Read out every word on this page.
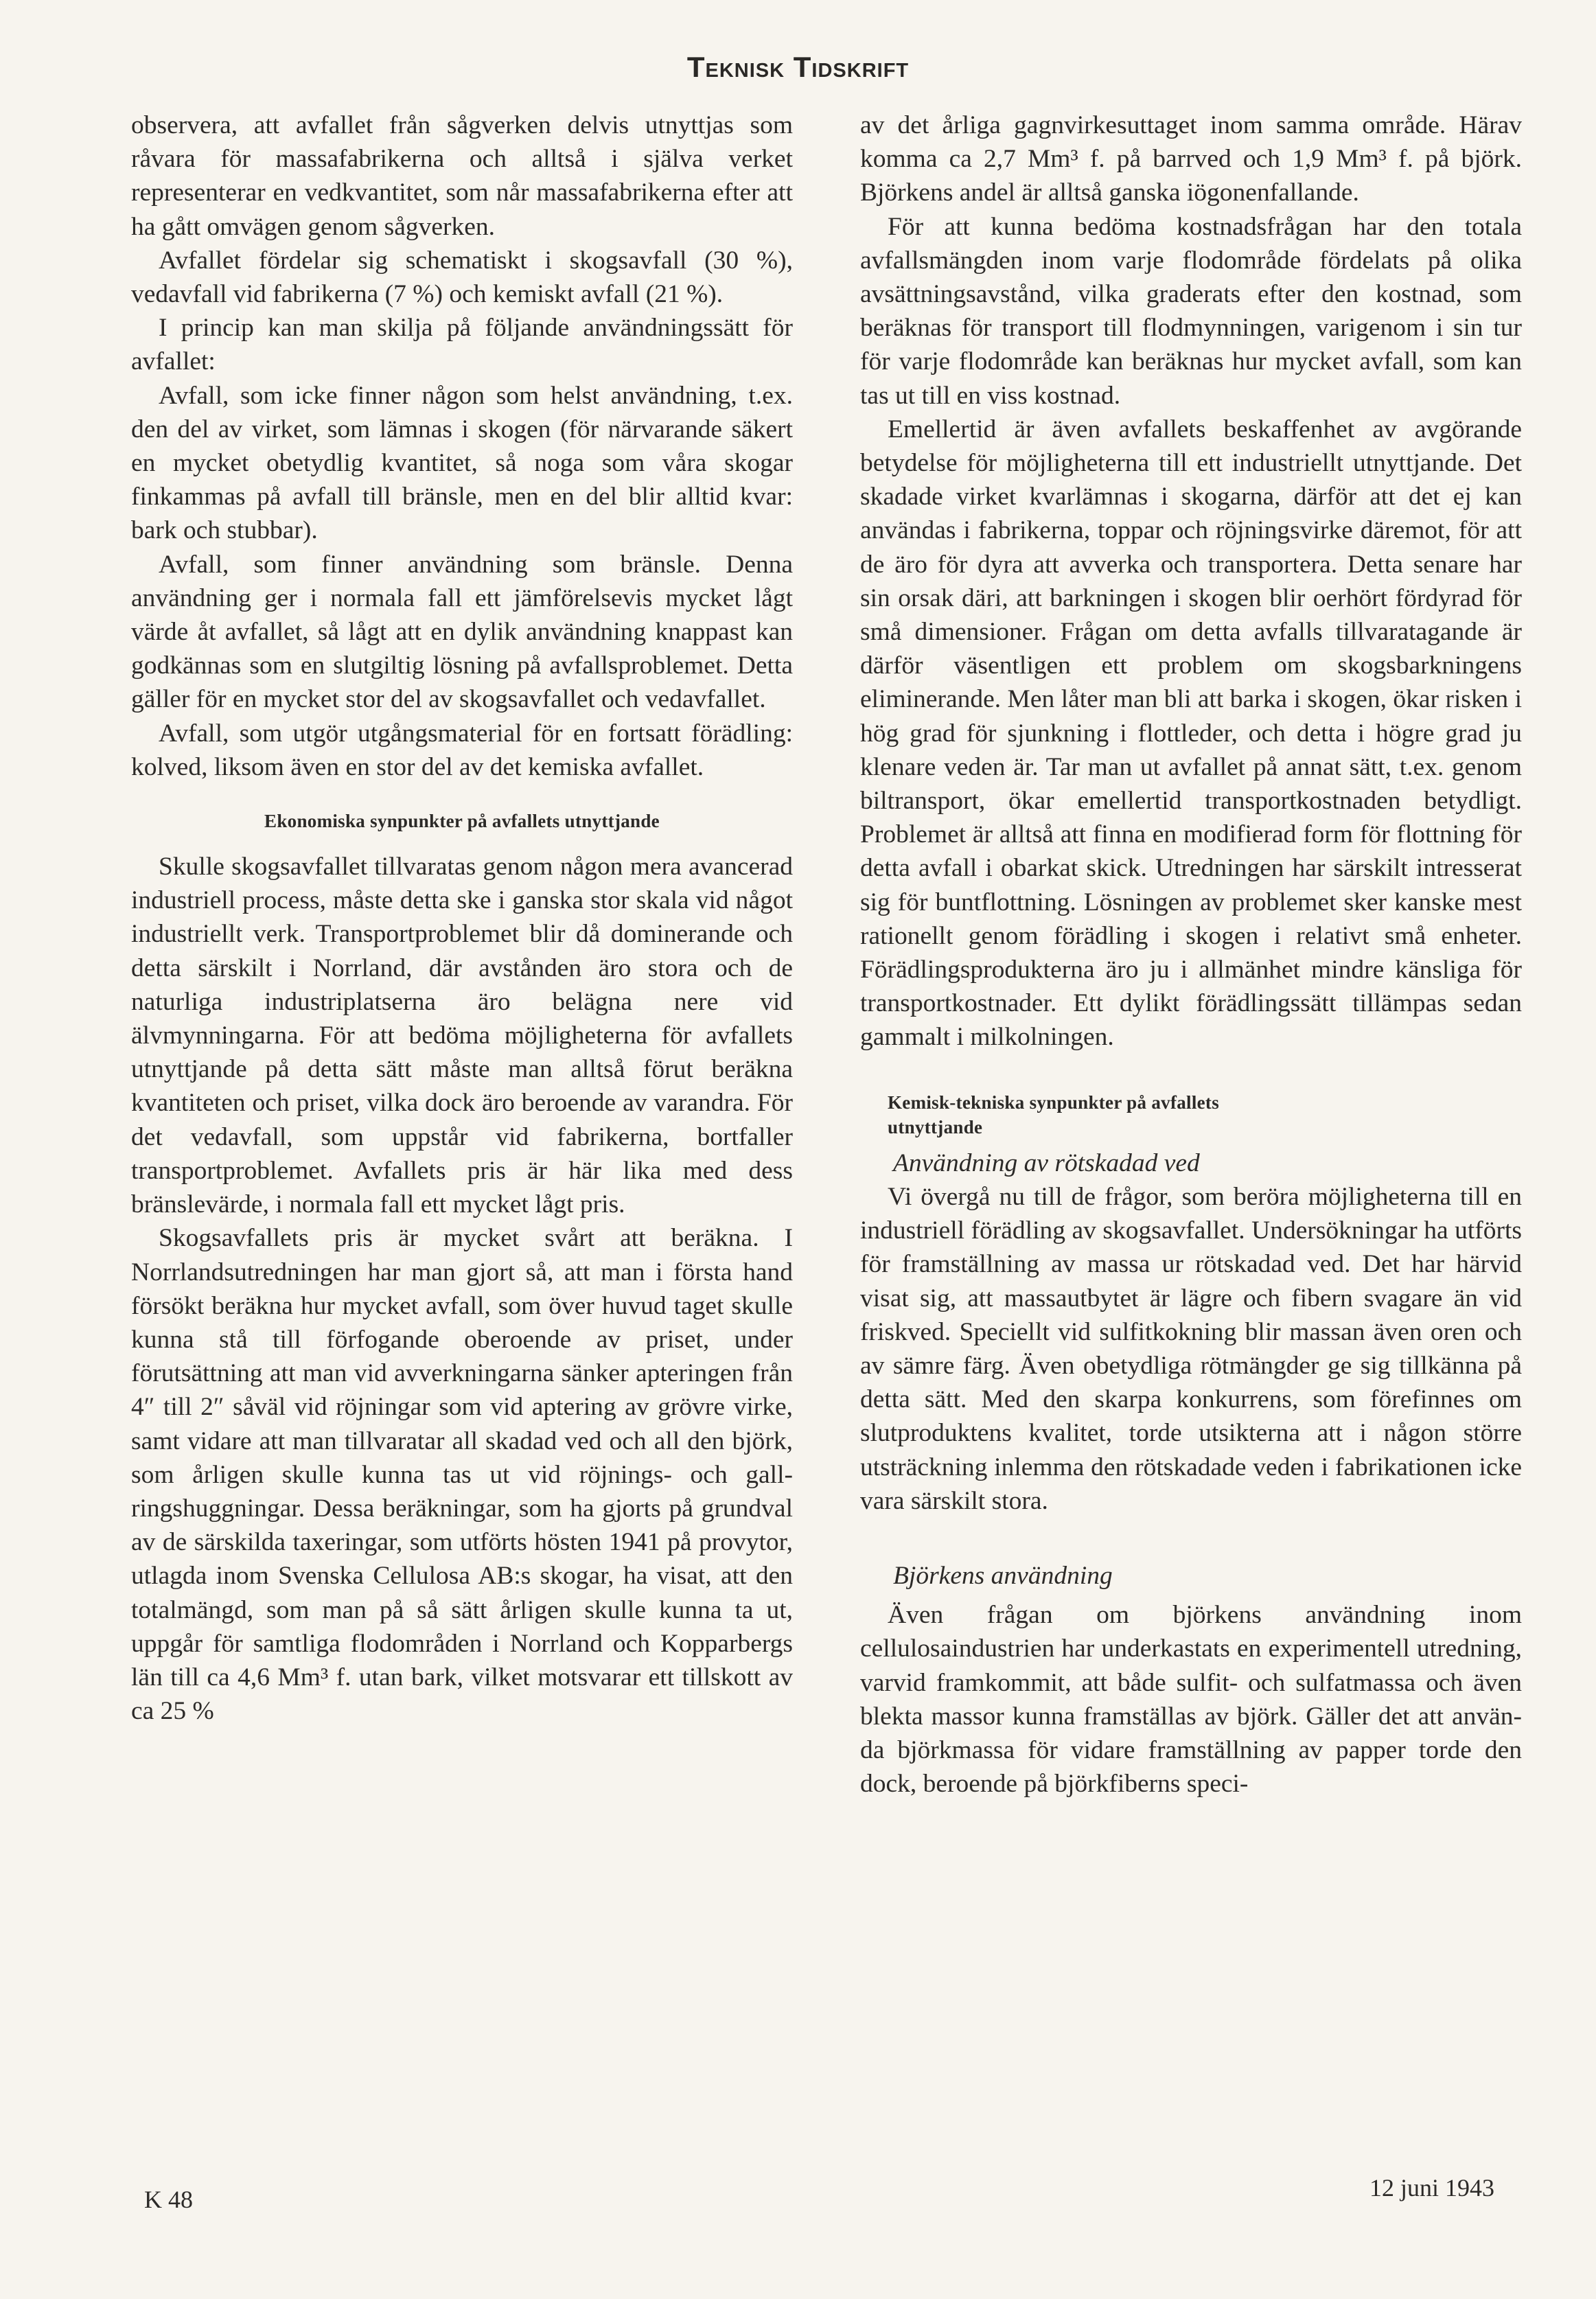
Teknisk Tidskrift

observera, att avfallet från sågverken delvis utnyttjas som råvara för massafabrikerna och alltså i själva verket representerar en vedkvantitet, som når massafabrikerna efter att ha gått omvägen genom sågverken.

Avfallet fördelar sig schematiskt i skogsavfall (30 %), vedavfall vid fabrikerna (7 %) och kemiskt avfall (21 %).

I princip kan man skilja på följande användningssätt för avfallet:

Avfall, som icke finner någon som helst användning, t.ex. den del av virket, som lämnas i skogen (för närvarande säkert en mycket obetydlig kvantitet, så noga som våra skogar finkammas på avfall till bränsle, men en del blir alltid kvar: bark och stubbar).

Avfall, som finner användning som bränsle. Denna användning ger i normala fall ett jämförelsevis mycket lågt värde åt avfallet, så lågt att en dylik användning knappast kan godkännas som en slutgiltig lösning på avfallsproblemet. Detta gäller för en mycket stor del av skogsavfallet och vedavfallet.

Avfall, som utgör utgångsmaterial för en fortsatt förädling: kolved, liksom även en stor del av det kemiska avfallet.

Ekonomiska synpunkter på avfallets utnyttjande

Skulle skogsavfallet tillvaratas genom någon mera avancerad industriell process, måste detta ske i ganska stor skala vid något industriellt verk. Transportproblemet blir då dominerande och detta särskilt i Norrland, där avstånden äro stora och de naturliga industriplatserna äro belägna nere vid älvmynningarna. För att bedöma möjligheterna för avfallets utnyttjande på detta sätt måste man alltså förut beräkna kvantiteten och priset, vilka dock äro beroende av varandra. För det vedavfall, som uppstår vid fabrikerna, bortfaller transportproblemet. Avfallets pris är här lika med dess bränslevärde, i normala fall ett mycket lågt pris.

Skogsavfallets pris är mycket svårt att beräkna. I Norrlandsutredningen har man gjort så, att man i första hand försökt beräkna hur mycket avfall, som över huvud taget skulle kunna stå till förfogande oberoende av priset, under förutsättning att man vid avverkningarna sänker apteringen från 4″ till 2″ såväl vid röjningar som vid aptering av grövre virke, samt vidare att man tillvaratar all skadad ved och all den björk, som årligen skulle kunna tas ut vid röjnings- och gallringshuggningar. Dessa beräkningar, som ha gjorts på grundval av de särskilda taxeringar, som utförts hösten 1941 på provytor, utlagda inom Svenska Cellulosa AB:s skogar, ha visat, att den totalmängd, som man på så sätt årligen skulle kunna ta ut, uppgår för samtliga flodområden i Norrland och Kopparbergs län till ca 4,6 Mm³ f. utan bark, vilket motsvarar ett tillskott av ca 25 %

av det årliga gagnvirkesuttaget inom samma område. Härav komma ca 2,7 Mm³ f. på barrved och 1,9 Mm³ f. på björk. Björkens andel är alltså ganska iögonenfallande.

För att kunna bedöma kostnadsfrågan har den totala avfallsmängden inom varje flodområde fördelats på olika avsättningsavstånd, vilka graderats efter den kostnad, som beräknas för transport till flodmynningen, varigenom i sin tur för varje flodområde kan beräknas hur mycket avfall, som kan tas ut till en viss kostnad.

Emellertid är även avfallets beskaffenhet av avgörande betydelse för möjligheterna till ett industriellt utnyttjande. Det skadade virket kvarlämnas i skogarna, därför att det ej kan användas i fabrikerna, toppar och röjningsvirke däremot, för att de äro för dyra att avverka och transportera. Detta senare har sin orsak däri, att barkningen i skogen blir oerhört fördyrad för små dimensioner. Frågan om detta avfalls tillvaratagande är därför väsentligen ett problem om skogsbarkningens eliminerande. Men låter man bli att barka i skogen, ökar risken i hög grad för sjunkning i flottleder, och detta i högre grad ju klenare veden är. Tar man ut avfallet på annat sätt, t.ex. genom biltransport, ökar emellertid transportkostnaden betydligt. Problemet är alltså att finna en modifierad form för flottning för detta avfall i obarkat skick. Utredningen har särskilt intresserat sig för buntflottning. Lösningen av problemet sker kanske mest rationellt genom förädling i skogen i relativt små enheter. Förädlingsprodukterna äro ju i allmänhet mindre känsliga för transportkostnader. Ett dylikt förädlingssätt tillämpas sedan gammalt i milkolningen.

Kemisk-tekniska synpunkter på avfallets utnyttjande
Användning av rötskadad ved

Vi övergå nu till de frågor, som beröra möjligheterna till en industriell förädling av skogsavfallet. Undersökningar ha utförts för framställning av massa ur rötskadad ved. Det har härvid visat sig, att massautbytet är lägre och fibern svagare än vid friskved. Speciellt vid sulfitkokning blir massan även oren och av sämre färg. Även obetydliga rötmängder ge sig tillkänna på detta sätt. Med den skarpa konkurrens, som förefinnes om slutproduktens kvalitet, torde utsikterna att i någon större utsträckning inlemma den rötskadade veden i fabrikationen icke vara särskilt stora.

Björkens användning

Även frågan om björkens användning inom cellulosaindustrien har underkastats en experimentell utredning, varvid framkommit, att både sulfit- och sulfatmassa och även blekta massor kunna framställas av björk. Gäller det att använda björkmassa för vidare framställning av papper torde den dock, beroende på björkfiberns speci-

K 48	12 juni 1943
